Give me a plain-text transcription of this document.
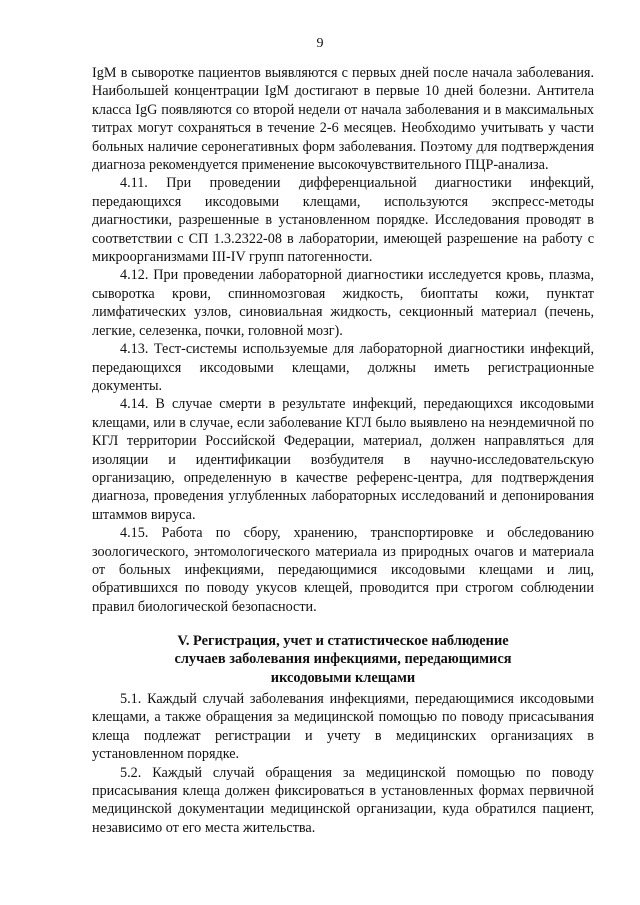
9

IgM в сыворотке пациентов выявляются с первых дней после начала заболевания. Наибольшей концентрации IgM достигают в первые 10 дней болезни. Антитела класса IgG появляются со второй недели от начала заболевания и в максимальных титрах могут сохраняться в течение 2-6 месяцев. Необходимо учитывать у части больных наличие серонегативных форм заболевания. Поэтому для подтверждения диагноза рекомендуется применение высокочувствительного ПЦР-анализа.

4.11. При проведении дифференциальной диагностики инфекций, передающихся иксодовыми клещами, используются экспресс-методы диагностики, разрешенные в установленном порядке. Исследования проводят в соответствии с СП 1.3.2322-08 в лаборатории, имеющей разрешение на работу с микроорганизмами III-IV групп патогенности.

4.12. При проведении лабораторной диагностики исследуется кровь, плазма, сыворотка крови, спинномозговая жидкость, биоптаты кожи, пунктат лимфатических узлов, синовиальная жидкость, секционный материал (печень, легкие, селезенка, почки, головной мозг).

4.13. Тест-системы используемые для лабораторной диагностики инфекций, передающихся иксодовыми клещами, должны иметь регистрационные документы.

4.14. В случае смерти в результате инфекций, передающихся иксодовыми клещами, или в случае, если заболевание КГЛ было выявлено на неэндемичной по КГЛ территории Российской Федерации, материал, должен направляться для изоляции и идентификации возбудителя в научно-исследовательскую организацию, определенную в качестве референс-центра, для подтверждения диагноза, проведения углубленных лабораторных исследований и депонирования штаммов вируса.

4.15. Работа по сбору, хранению, транспортировке и обследованию зоологического, энтомологического материала из природных очагов и материала от больных инфекциями, передающимися иксодовыми клещами и лиц, обратившихся по поводу укусов клещей, проводится при строгом соблюдении правил биологической безопасности.

V. Регистрация, учет и статистическое наблюдение
случаев заболевания инфекциями, передающимися
иксодовыми клещами

5.1. Каждый случай заболевания инфекциями, передающимися иксодовыми клещами, а также обращения за медицинской помощью по поводу присасывания клеща подлежат регистрации и учету в медицинских организациях в установленном порядке.

5.2. Каждый случай обращения за медицинской помощью по поводу присасывания клеща должен фиксироваться в установленных формах первичной медицинской документации медицинской организации, куда обратился пациент, независимо от его места жительства.
